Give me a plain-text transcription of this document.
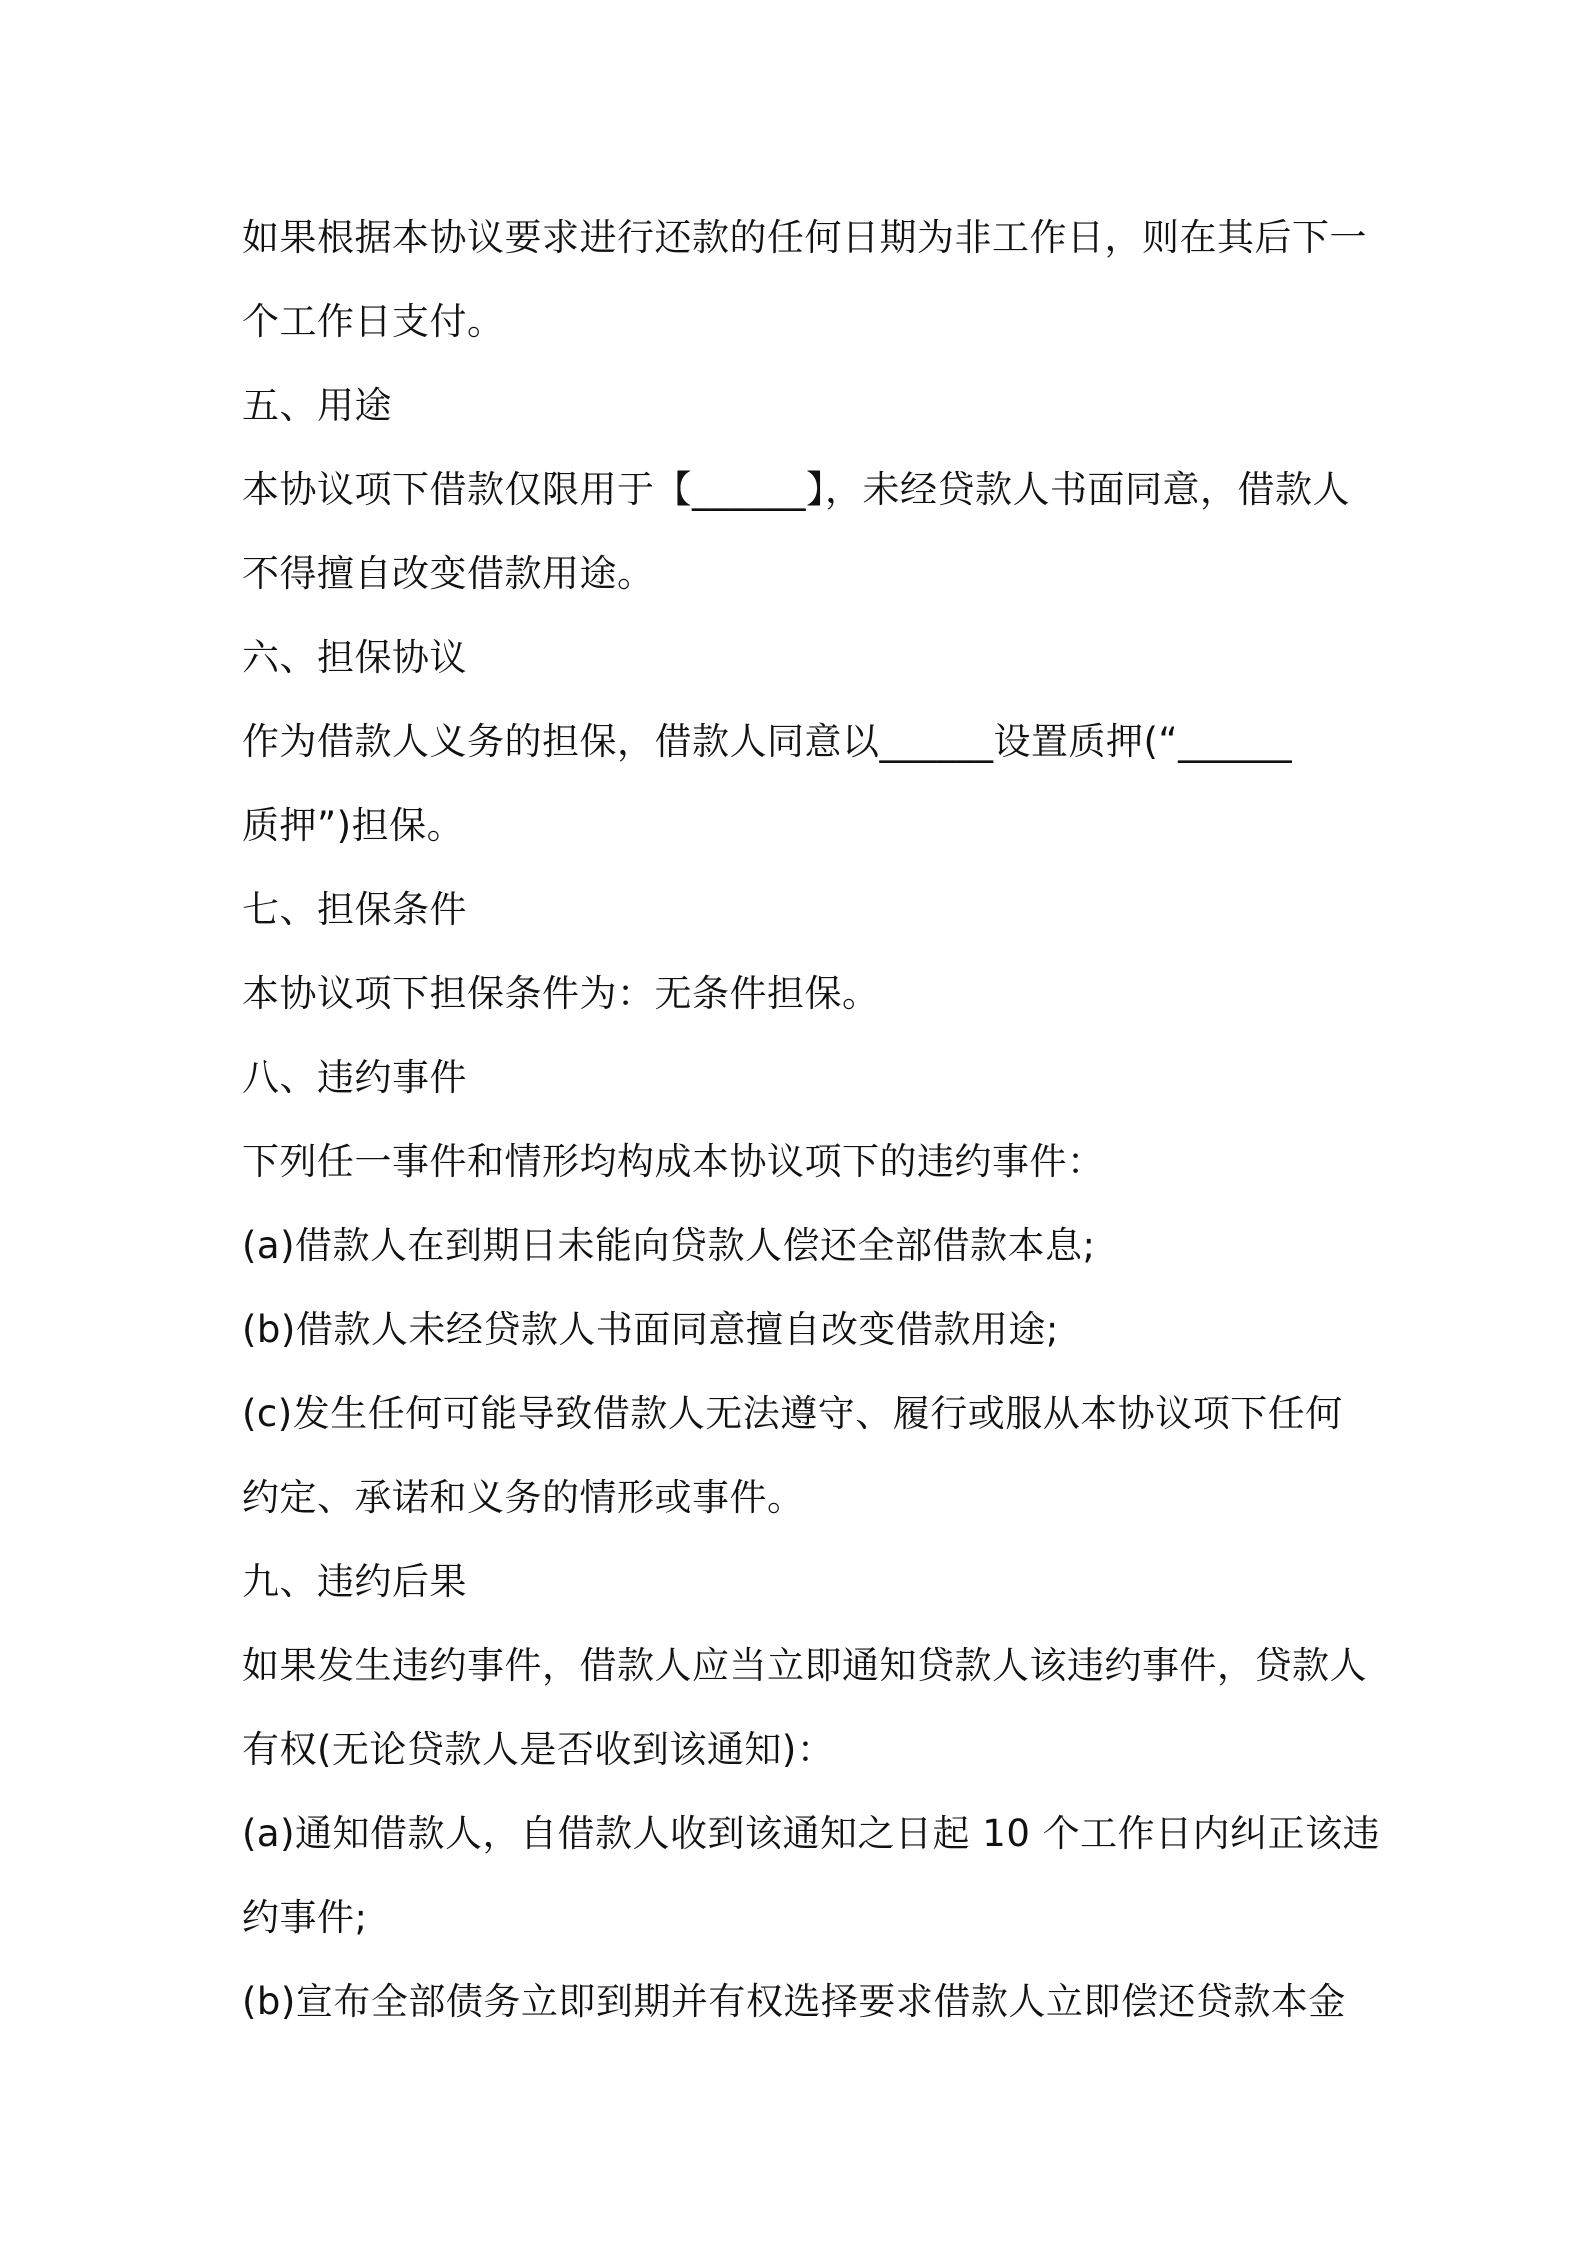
如果根据本协议要求进行还款的任何日期为非工作日，则在其后下一
个工作日支付。
五、用途
本协议项下借款仅限用于【______】，未经贷款人书面同意，借款人
不得擅自改变借款用途。
六、担保协议
作为借款人义务的担保，借款人同意以______设置质押(“______
质押”)担保。
七、担保条件
本协议项下担保条件为：无条件担保。
八、违约事件
下列任一事件和情形均构成本协议项下的违约事件：
(a)借款人在到期日未能向贷款人偿还全部借款本息;
(b)借款人未经贷款人书面同意擅自改变借款用途;
(c)发生任何可能导致借款人无法遵守、履行或服从本协议项下任何
约定、承诺和义务的情形或事件。
九、违约后果
如果发生违约事件，借款人应当立即通知贷款人该违约事件，贷款人
有权(无论贷款人是否收到该通知)：
(a)通知借款人，自借款人收到该通知之日起 10 个工作日内纠正该违
约事件;
(b)宣布全部债务立即到期并有权选择要求借款人立即偿还贷款本金
